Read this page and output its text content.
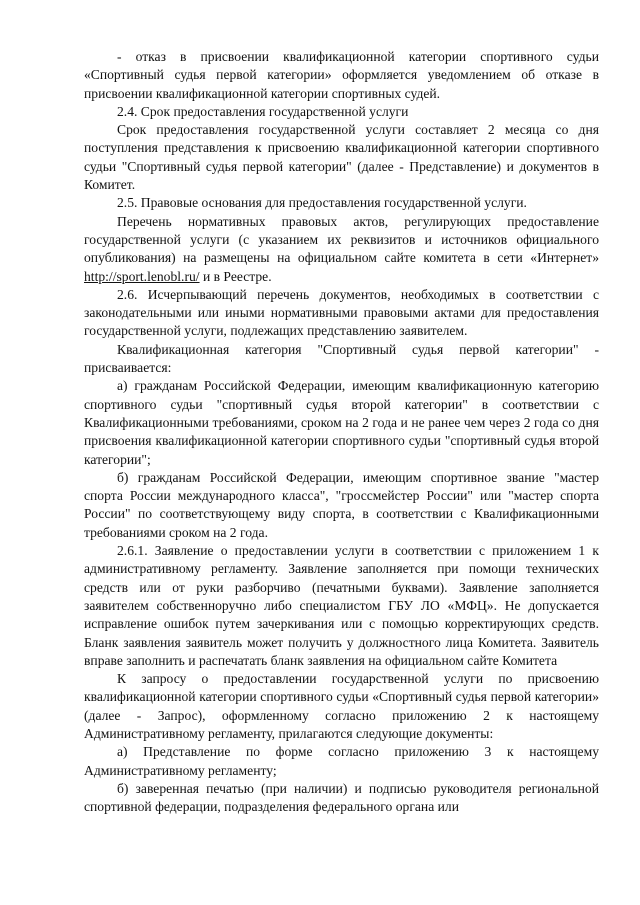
- отказ в присвоении квалификационной категории спортивного судьи «Спортивный судья первой категории» оформляется уведомлением об отказе в присвоении квалификационной категории спортивных судей.

2.4. Срок предоставления государственной услуги

Срок предоставления государственной услуги составляет 2 месяца со дня поступления представления к присвоению квалификационной категории спортивного судьи "Спортивный судья первой категории" (далее - Представление) и документов в Комитет.

2.5. Правовые основания для предоставления государственной услуги.

Перечень нормативных правовых актов, регулирующих предоставление государственной услуги (с указанием их реквизитов и источников официального опубликования) на размещены на официальном сайте комитета в сети «Интернет» http://sport.lenobl.ru/ и в Реестре.

2.6. Исчерпывающий перечень документов, необходимых в соответствии с законодательными или иными нормативными правовыми актами для предоставления государственной услуги, подлежащих представлению заявителем.

Квалификационная категория "Спортивный судья первой категории" - присваивается:

а) гражданам Российской Федерации, имеющим квалификационную категорию спортивного судьи "спортивный судья второй категории" в соответствии с Квалификационными требованиями, сроком на 2 года и не ранее чем через 2 года со дня присвоения квалификационной категории спортивного судьи "спортивный судья второй категории";

б) гражданам Российской Федерации, имеющим спортивное звание "мастер спорта России международного класса", "гроссмейстер России" или "мастер спорта России" по соответствующему виду спорта, в соответствии с Квалификационными требованиями сроком на 2 года.

2.6.1. Заявление о предоставлении услуги в соответствии с приложением 1 к административному регламенту. Заявление заполняется при помощи технических средств или от руки разборчиво (печатными буквами). Заявление заполняется заявителем собственноручно либо специалистом ГБУ ЛО «МФЦ». Не допускается исправление ошибок путем зачеркивания или с помощью корректирующих средств. Бланк заявления заявитель может получить у должностного лица Комитета. Заявитель вправе заполнить и распечатать бланк заявления на официальном сайте Комитета

К запросу о предоставлении государственной услуги по присвоению квалификационной категории спортивного судьи «Спортивный судья первой категории» (далее - Запрос), оформленному согласно приложению 2 к настоящему Административному регламенту, прилагаются следующие документы:

а) Представление по форме согласно приложению 3 к настоящему Административному регламенту;

б) заверенная печатью (при наличии) и подписью руководителя региональной спортивной федерации, подразделения федерального органа или
